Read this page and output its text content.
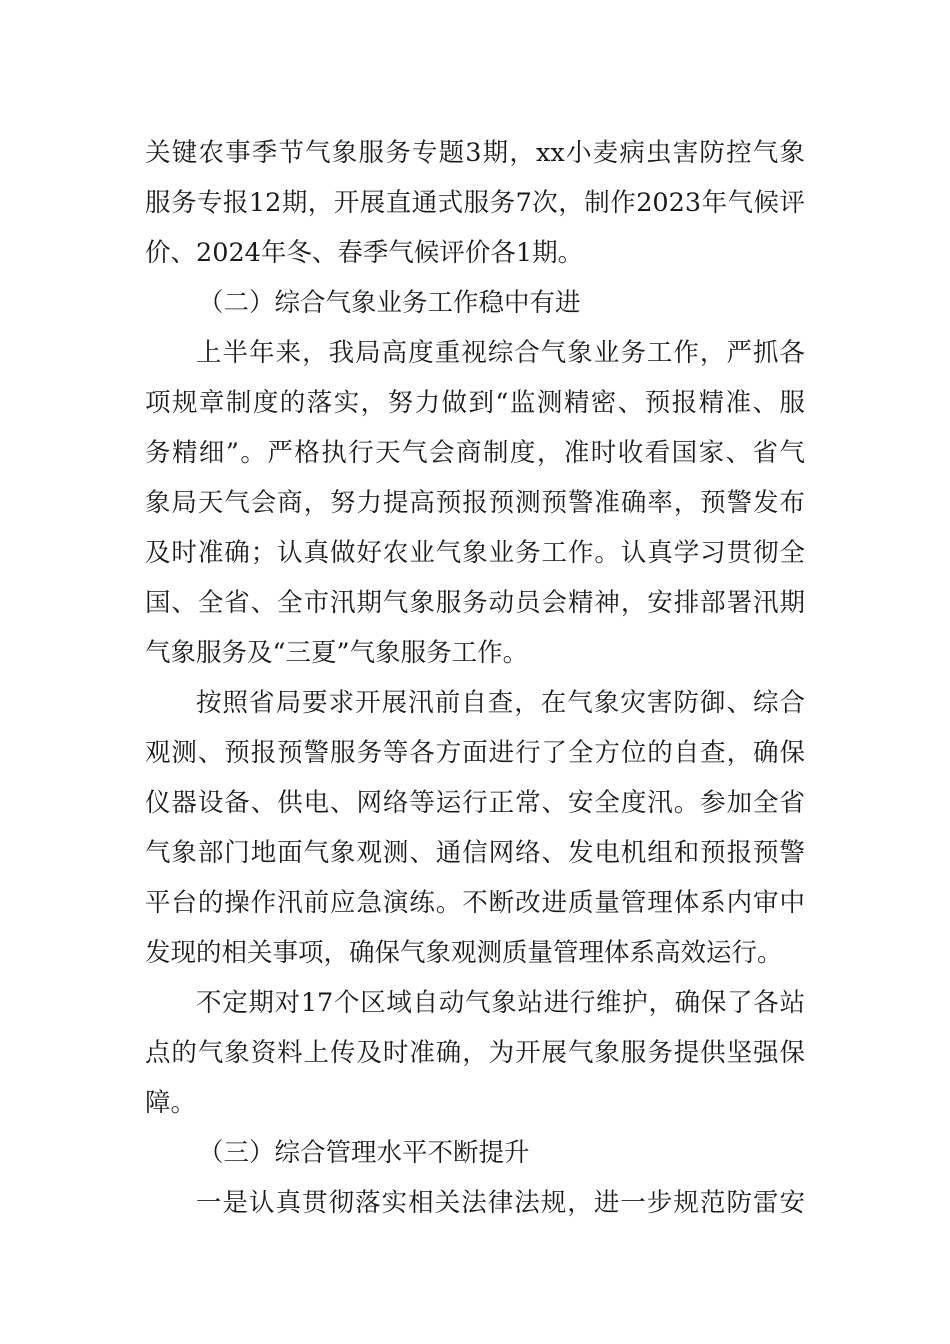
关键农事季节气象服务专题3期，xx小麦病虫害防控气象
服务专报12期，开展直通式服务7次，制作2023年气候评
价、2024年冬、春季气候评价各1期。
（二）综合气象业务工作稳中有进
上半年来，我局高度重视综合气象业务工作，严抓各
项规章制度的落实，努力做到“监测精密、预报精准、服
务精细”。严格执行天气会商制度，准时收看国家、省气
象局天气会商，努力提高预报预测预警准确率，预警发布
及时准确；认真做好农业气象业务工作。认真学习贯彻全
国、全省、全市汛期气象服务动员会精神，安排部署汛期
气象服务及“三夏”气象服务工作。
按照省局要求开展汛前自查，在气象灾害防御、综合
观测、预报预警服务等各方面进行了全方位的自查，确保
仪器设备、供电、网络等运行正常、安全度汛。参加全省
气象部门地面气象观测、通信网络、发电机组和预报预警
平台的操作汛前应急演练。不断改进质量管理体系内审中
发现的相关事项，确保气象观测质量管理体系高效运行。
不定期对17个区域自动气象站进行维护，确保了各站
点的气象资料上传及时准确，为开展气象服务提供坚强保
障。
（三）综合管理水平不断提升
一是认真贯彻落实相关法律法规，进一步规范防雷安
